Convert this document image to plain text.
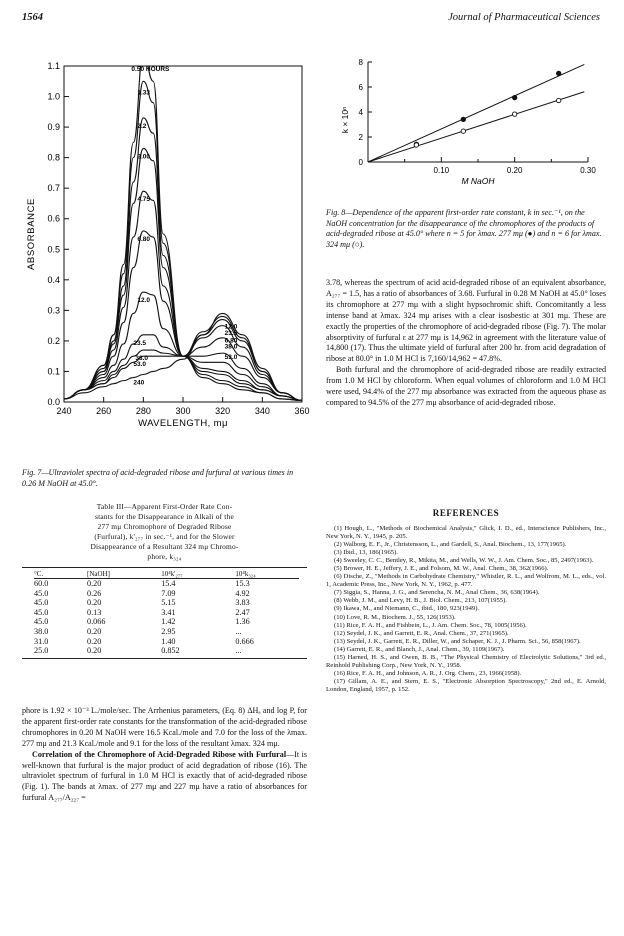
1564	Journal of Pharmaceutical Sciences
0.0
0.1
0.2
0.3
0.4
0.5
0.6
0.7
0.8
0.9
1.0
1.1
240	260	280	300	320	340	360
WAVELENGTH, mμ
ABSORBANCE
0.50 HOURS
1.33
2.2
3.00
4.75
6.80
12.0
23.5
38.0
53.0
240
12.0
23.5
6.80
38.0
53.0

Fig. 7—Ultraviolet spectra of acid-degraded ribose and furfural at various times in 0.26 M NaOH at 45.0°.

Table III—Apparent First-Order Rate Con-

stants for the Disappearance in Alkali of the

277 mμ Chromophore of Degraded Ribose

(Furfural), k'₂₇₇ in sec.⁻¹, and for the Slower

Disappearance of a Resultant 324 mμ Chromo-

phore, k₃₂₄

°C.	[NaOH]	10⁴k'₂₇₇	10⁴k₃₂₄
60.0	0.20	15.4	15.3
45.0	0.26	7.09	4.92
45.0	0.20	5.15	3.83
45.0	0.13	3.41	2.47
45.0	0.066	1.42	1.36
38.0	0.20	2.95	...
31.0	0.20	1.40	0.666
25.0	0.20	0.852	...

phore is 1.92 × 10⁻³ L./mole/sec. The Arrhenius parameters, (Eq. 8) ΔHₐ and log P, for the apparent first-order rate constants for the transformation of the acid-degraded ribose chromophores in 0.20 M NaOH were 16.5 Kcal./mole and 7.0 for the loss of the λmax. 277 mμ and 21.3 Kcal./mole and 9.1 for the loss of the resultant λmax. 324 mμ.

Correlation of the Chromophore of Acid-Degraded Ribose with Furfural—It is well-known that furfural is the major product of acid degradation of ribose (16). The ultraviolet spectrum of furfural in 1.0 M HCl is exactly that of acid-degraded ribose (Fig. 1). The bands at λmax. of 277 mμ and 227 mμ have a ratio of absorbances for furfural A₂₇₇/A₂₂₇ =

0
2
4
6
8
0.10	0.20	0.30
M NaOH
k × 10ⁿ

Fig. 8—Dependence of the apparent first-order rate constant, k in sec.⁻¹, on the NaOH concentration for the disappearance of the chromophores of the products of acid-degraded ribose at 45.0° where n = 5 for λmax. 277 mμ (●) and n = 6 for λmax. 324 mμ (○).

3.78, whereas the spectrum of acid acid-degraded ribose of an equivalent absorbance, A₂₇₇ = 1.5, has a ratio of absorbances of 3.68. Furfural in 0.28 M NaOH at 45.0° loses its chromophore at 277 mμ with a slight hypsochromic shift. Concomitantly a less intense band at λmax. 324 mμ arises with a clear isosbestic at 301 mμ. These are exactly the properties of the chromophore of acid-degraded ribose (Fig. 7). The molar absorptivity of furfural ε at 277 mμ is 14,962 in agreement with the literature value of 14,800 (17). Thus the ultimate yield of furfural after 200 hr. from acid degradation of ribose at 80.0° in 1.0 M HCl is 7,160/14,962 = 47.8%.

Both furfural and the chromophore of acid-degraded ribose are readily extracted from 1.0 M HCl by chloroform. When equal volumes of chloroform and 1.0 M HCl were used, 94.4% of the 277 mμ absorbance was extracted from the aqueous phase as compared to 94.5% of the 277 mμ absorbance of acid-degraded ribose.

REFERENCES

(1) Hough, L., "Methods of Biochemical Analysis," Glick, I. D., ed., Interscience Publishers, Inc., New York, N. Y., 1945, p. 205.

(2) Walborg, E. F., Jr., Christensson, L., and Gardell, S., Anal. Biochem., 13, 177(1965).

(3) Ibid., 13, 186(1965).

(4) Sweeley, C. C., Bentley, R., Mikita, M., and Wells, W. W., J. Am. Chem. Soc., 85, 2497(1963).

(5) Brower, H. E., Jeffery, J. E., and Folsom, M. W., Anal. Chem., 38, 362(1966).

(6) Dische, Z., "Methods in Carbohydrate Chemistry," Whistler, R. L., and Wolfrom, M. L., eds., vol. 1, Academic Press, Inc., New York, N. Y., 1962, p. 477.

(7) Siggia, S., Hanna, J. G., and Serencha, N. M., Anal Chem., 36, 638(1964).

(8) Webb, J. M., and Levy, H. B., J. Biol. Chem., 213, 107(1955).

(9) Ikawa, M., and Niemann, C., ibid., 180, 923(1949).

(10) Love, R. M., Biochem. J., 55, 126(1953).

(11) Rice, F. A. H., and Fishbein, L., J. Am. Chem. Soc., 78, 1005(1956).

(12) Seydel, J. K., and Garrett, E. R., Anal. Chem., 37, 271(1965).

(13) Seydel, J. K., Garrett, E. R., Diller, W., and Schaper, K. J., J. Pharm. Sci., 56, 858(1967).

(14) Garrett, E. R., and Blanch, J., Anal. Chem., 39, 1109(1967).

(15) Harned, H. S., and Owen, B. B., "The Physical Chemistry of Electrolytic Solutions," 3rd ed., Reinhold Publishing Corp., New York, N. Y., 1958.

(16) Rice, F. A. H., and Johnson, A. R., J. Org. Chem., 23, 1966(1958).

(17) Gillam, A. E., and Stern, E. S., "Electronic Absorption Spectroscopy," 2nd ed., E. Arnold, London, England, 1957, p. 152.
